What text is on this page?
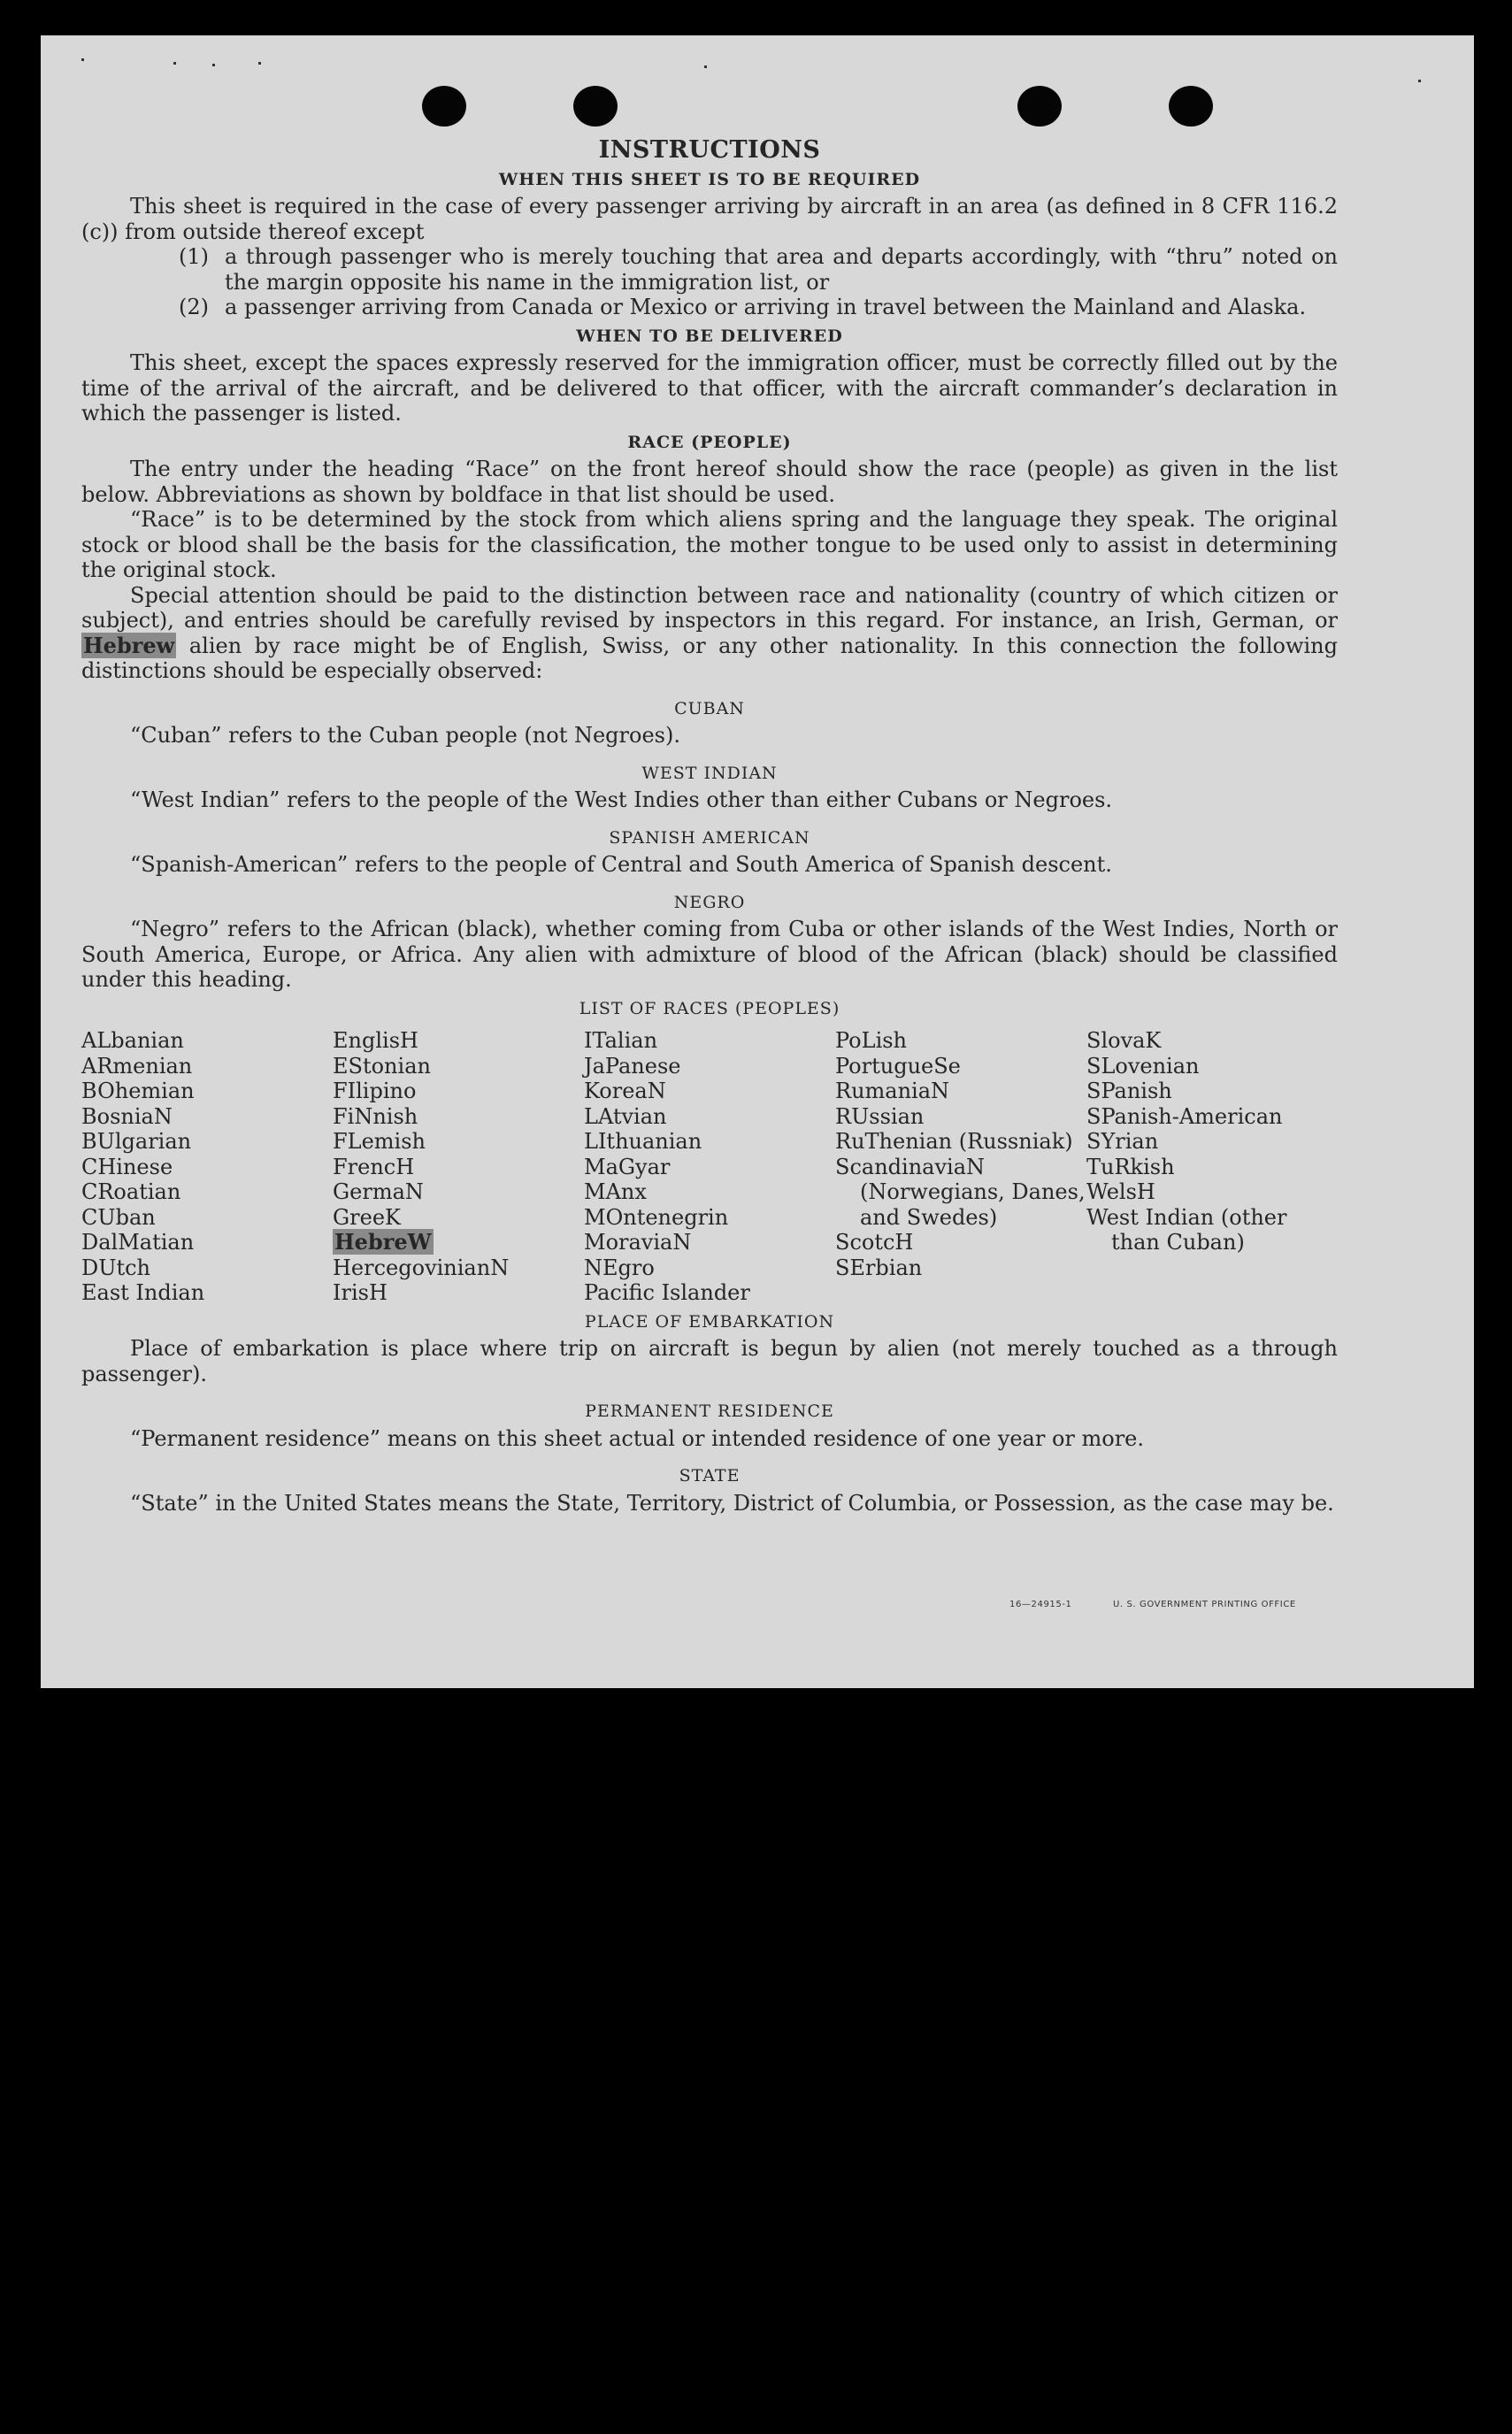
INSTRUCTIONS
WHEN THIS SHEET IS TO BE REQUIRED

This sheet is required in the case of every passenger arriving by aircraft in an area (as defined in 8 CFR 116.2 (c)) from outside thereof except

(1) a through passenger who is merely touching that area and departs accordingly, with “thru” noted on the margin opposite his name in the immigration list, or
(2) a passenger arriving from Canada or Mexico or arriving in travel between the Mainland and Alaska.
WHEN TO BE DELIVERED

This sheet, except the spaces expressly reserved for the immigration officer, must be correctly filled out by the time of the arrival of the aircraft, and be delivered to that officer, with the aircraft commander’s declaration in which the passenger is listed.

RACE (PEOPLE)

The entry under the heading “Race” on the front hereof should show the race (people) as given in the list below. Abbreviations as shown by boldface in that list should be used.

“Race” is to be determined by the stock from which aliens spring and the language they speak. The original stock or blood shall be the basis for the classification, the mother tongue to be used only to assist in determining the original stock.

Special attention should be paid to the distinction between race and nationality (country of which citizen or subject), and entries should be carefully revised by inspectors in this regard. For instance, an Irish, German, or Hebrew alien by race might be of English, Swiss, or any other nationality. In this connection the following distinctions should be especially observed:

CUBAN

“Cuban” refers to the Cuban people (not Negroes).

WEST INDIAN

“West Indian” refers to the people of the West Indies other than either Cubans or Negroes.

SPANISH AMERICAN

“Spanish-American” refers to the people of Central and South America of Spanish descent.

NEGRO

“Negro” refers to the African (black), whether coming from Cuba or other islands of the West Indies, North or South America, Europe, or Africa. Any alien with admixture of blood of the African (black) should be classified under this heading.

LIST OF RACES (PEOPLES)
ALbanian
ARmenian
BOhemian
BosniaN
BUlgarian
CHinese
CRoatian
CUban
DalMatian
DUtch
East Indian
EnglisH
EStonian
FIlipino
FiNnish
FLemish
FrencH
GermaN
GreeK
HebreW
HercegovinianN
IrisH
ITalian
JaPanese
KoreaN
LAtvian
LIthuanian
MaGyar
MAnx
MOntenegrin
MoraviaN
NEgro
Pacific Islander
PoLish
PortugueSe
RumaniaN
RUssian
RuThenian (Russniak)
ScandinaviaN (Norwegians, Danes, and Swedes)
ScotcH
SErbian
SlovaK
SLovenian
SPanish
SPanish-American
SYrian
TuRkish
WelsH
West Indian (other than Cuban)
PLACE OF EMBARKATION

Place of embarkation is place where trip on aircraft is begun by alien (not merely touched as a through passenger).

PERMANENT RESIDENCE

“Permanent residence” means on this sheet actual or intended residence of one year or more.

STATE

“State” in the United States means the State, Territory, District of Columbia, or Possession, as the case may be.

16—24915-1	U. S. GOVERNMENT PRINTING OFFICE
